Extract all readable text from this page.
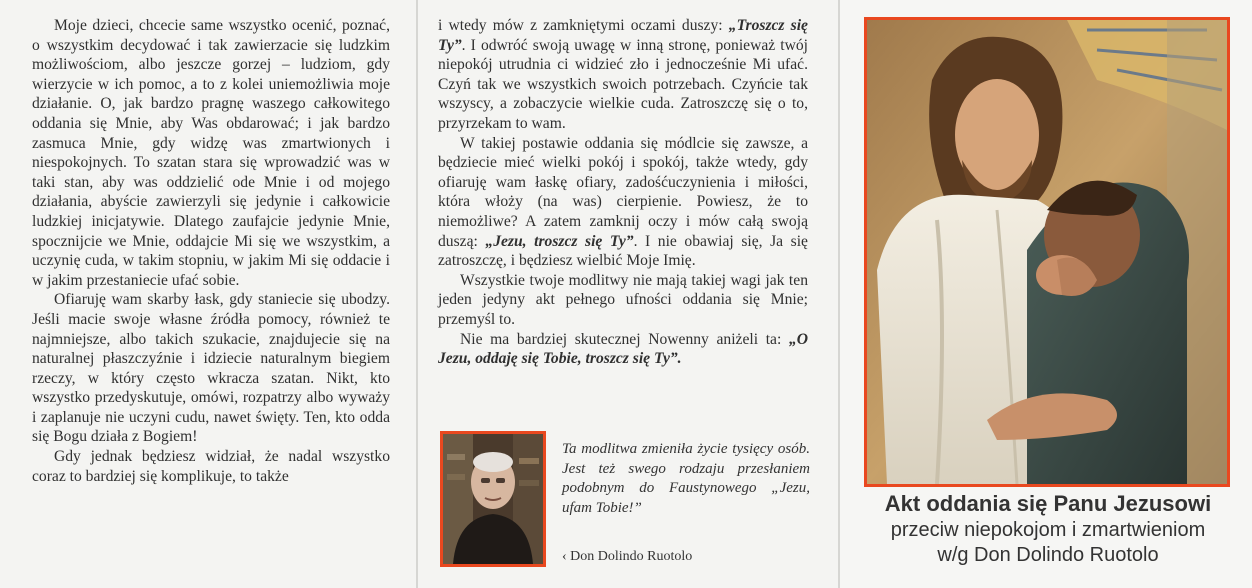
Moje dzieci, chcecie same wszystko ocenić, poznać, o wszystkim decydować i tak zawierzacie się ludzkim możliwościom, albo jeszcze gorzej – ludziom, gdy wierzycie w ich pomoc, a to z kolei uniemożliwia moje działanie. O, jak bardzo pragnę waszego całkowitego oddania się Mnie, aby Was obdarować; i jak bardzo zasmuca Mnie, gdy widzę was zmartwionych i niespokojnych. To szatan stara się wprowadzić was w taki stan, aby was oddzielić ode Mnie i od mojego działania, abyście zawierzyli się jedynie i całkowicie ludzkiej inicjatywie. Dlatego zaufajcie jedynie Mnie, spocznijcie we Mnie, oddajcie Mi się we wszystkim, a uczynię cuda, w takim stopniu, w jakim Mi się oddacie i w jakim przestaniecie ufać sobie.

Ofiaruję wam skarby łask, gdy staniecie się ubodzy. Jeśli macie swoje własne źródła pomocy, również te najmniejsze, albo takich szukacie, znajdujecie się na naturalnej płaszczyźnie i idziecie naturalnym biegiem rzeczy, w który często wkracza szatan. Nikt, kto wszystko przedyskutuje, omówi, rozpatrzy albo wyważy i zaplanuje nie uczyni cudu, nawet święty. Ten, kto odda się Bogu działa z Bogiem!

Gdy jednak będziesz widział, że nadal wszystko coraz to bardziej się komplikuje, to także

i wtedy mów z zamkniętymi oczami duszy: „Troszcz się Ty”. I odwróć swoją uwagę w inną stronę, ponieważ twój niepokój utrudnia ci widzieć zło i jednocześnie Mi ufać. Czyń tak we wszystkich swoich potrzebach. Czyńcie tak wszyscy, a zobaczycie wielkie cuda. Zatroszczę się o to, przyrzekam to wam.

W takiej postawie oddania się módlcie się zawsze, a będziecie mieć wielki pokój i spokój, także wtedy, gdy ofiaruję wam łaskę ofiary, zadośćuczynienia i miłości, która włoży (na was) cierpienie. Powiesz, że to niemożliwe? A zatem zamknij oczy i mów całą swoją duszą: „Jezu, troszcz się Ty”. I nie obawiaj się, Ja się zatroszczę, i będziesz wielbić Moje Imię.

Wszystkie twoje modlitwy nie mają takiej wagi jak ten jeden jedyny akt pełnego ufności oddania się Mnie; przemyśl to.

Nie ma bardziej skutecznej Nowenny aniżeli ta: „O Jezu, oddaję się Tobie, troszcz się Ty”.

Ta modlitwa zmieniła życie tysięcy osób. Jest też swego rodzaju przesłaniem podobnym do Faustynowego „Jezu, ufam Tobie!”

‹ Don Dolindo Ruotolo
Akt oddania się Panu Jezusowi
przeciw niepokojom i zmartwieniom
w/g Don Dolindo Ruotolo
